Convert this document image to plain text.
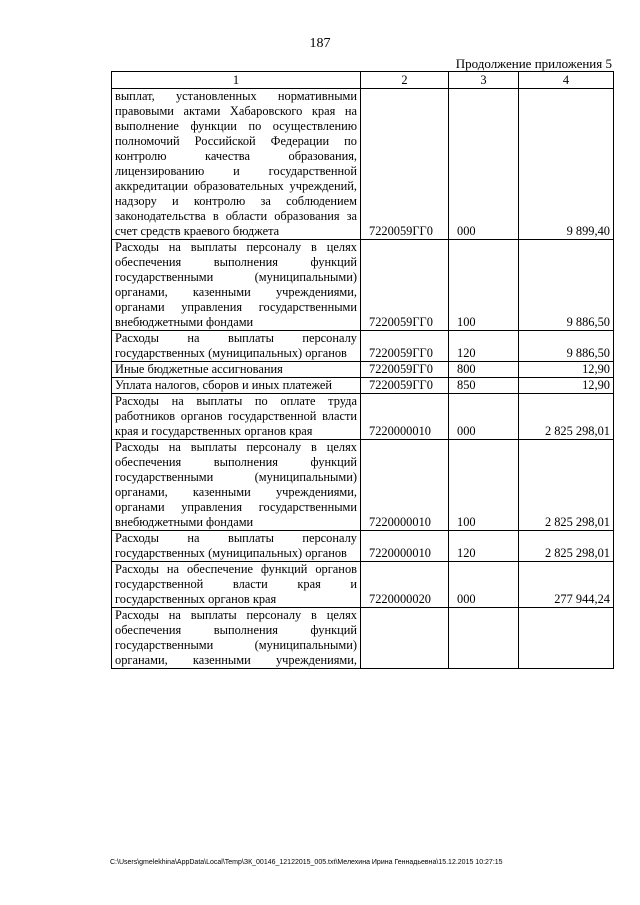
187
Продолжение приложения 5
1	2	3	4
выплат, установленных нормативными правовыми актами Хабаровского края на выполнение функции по осуществлению полномочий Российской Федерации по контролю качества образования, лицензированию и государственной аккредитации образовательных учреждений, надзору и контролю за соблюдением законодательства в области образования за счет средств краевого бюджета	7220059ГГ0	000	9 899,40
Расходы на выплаты персоналу в целях обеспечения выполнения функций государственными (муниципальными) органами, казенными учреждениями, органами управления государственными внебюджетными фондами	7220059ГГ0	100	9 886,50
Расходы на выплаты персоналу государственных (муниципальных) органов	7220059ГГ0	120	9 886,50
Иные бюджетные ассигнования	7220059ГГ0	800	12,90
Уплата налогов, сборов и иных платежей	7220059ГГ0	850	12,90
Расходы на выплаты по оплате труда работников органов государственной власти края и государственных органов края	7220000010	000	2 825 298,01
Расходы на выплаты персоналу в целях обеспечения выполнения функций государственными (муниципальными) органами, казенными учреждениями, органами управления государственными внебюджетными фондами	7220000010	100	2 825 298,01
Расходы на выплаты персоналу государственных (муниципальных) органов	7220000010	120	2 825 298,01
Расходы на обеспечение функций органов государственной власти края и государственных органов края	7220000020	000	277 944,24
Расходы на выплаты персоналу в целях обеспечения выполнения функций государственными (муниципальными) органами, казенными учреждениями,			
C:\Users\gmelekhina\AppData\Local\Temp\ЗК_00146_12122015_005.txt\Мелехина Ирина Геннадьевна\15.12.2015 10:27:15
